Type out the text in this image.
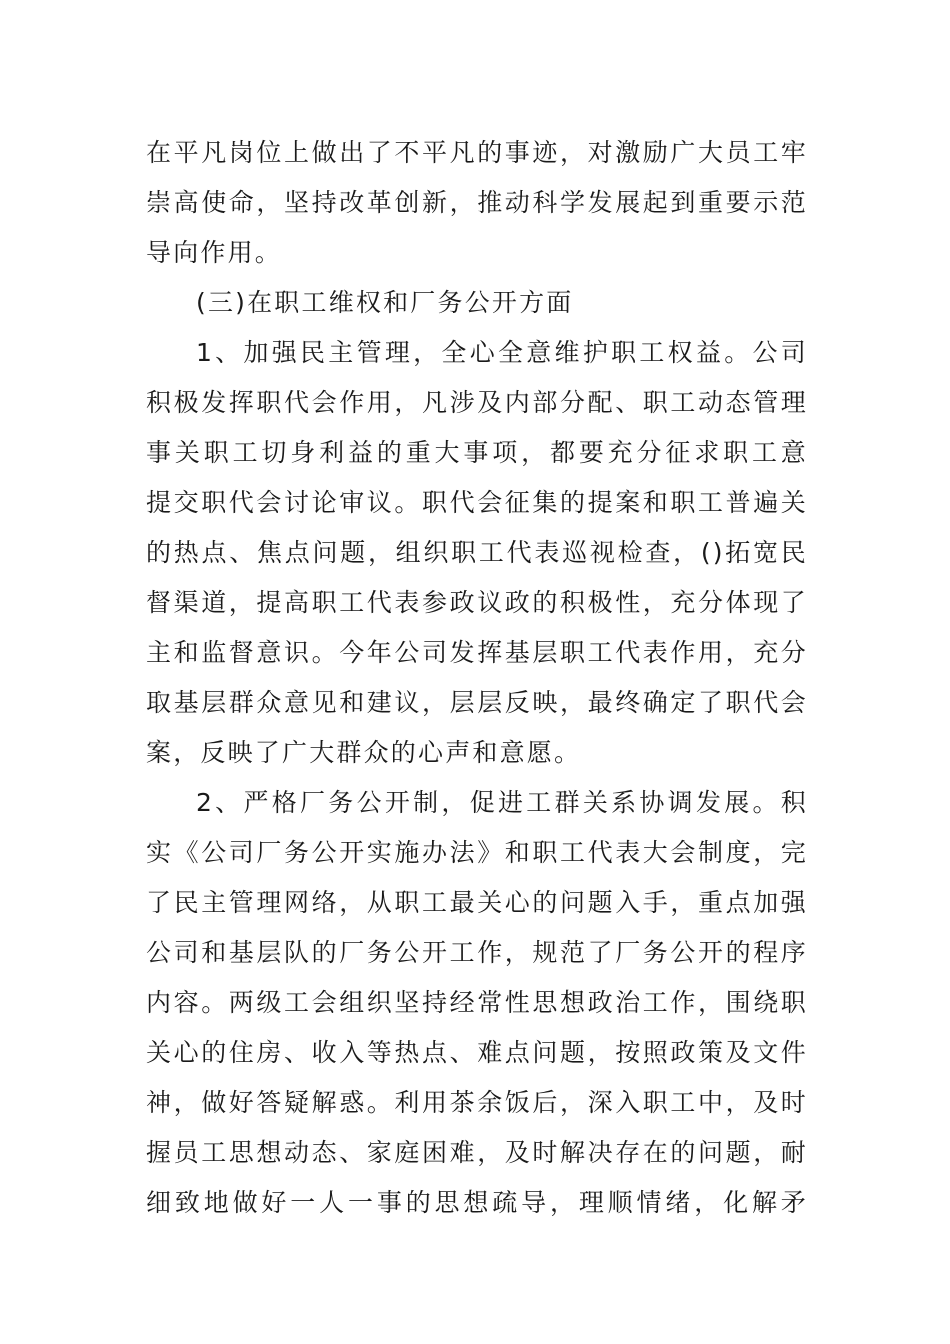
在平凡岗位上做出了不平凡的事迹，对激励广大员工牢
崇高使命，坚持改革创新，推动科学发展起到重要示范
导向作用。
(三)在职工维权和厂务公开方面
1、加强民主管理，全心全意维护职工权益。公司
积极发挥职代会作用，凡涉及内部分配、职工动态管理
事关职工切身利益的重大事项，都要充分征求职工意
提交职代会讨论审议。职代会征集的提案和职工普遍关
的热点、焦点问题，组织职工代表巡视检查，()拓宽民
督渠道，提高职工代表参政议政的积极性，充分体现了
主和监督意识。今年公司发挥基层职工代表作用，充分
取基层群众意见和建议，层层反映，最终确定了职代会
案，反映了广大群众的心声和意愿。
2、严格厂务公开制，促进工群关系协调发展。积
实《公司厂务公开实施办法》和职工代表大会制度，完
了民主管理网络，从职工最关心的问题入手，重点加强
公司和基层队的厂务公开工作，规范了厂务公开的程序
内容。两级工会组织坚持经常性思想政治工作，围绕职
关心的住房、收入等热点、难点问题，按照政策及文件
神，做好答疑解惑。利用茶余饭后，深入职工中，及时
握员工思想动态、家庭困难，及时解决存在的问题，耐
细致地做好一人一事的思想疏导，理顺情绪，化解矛
